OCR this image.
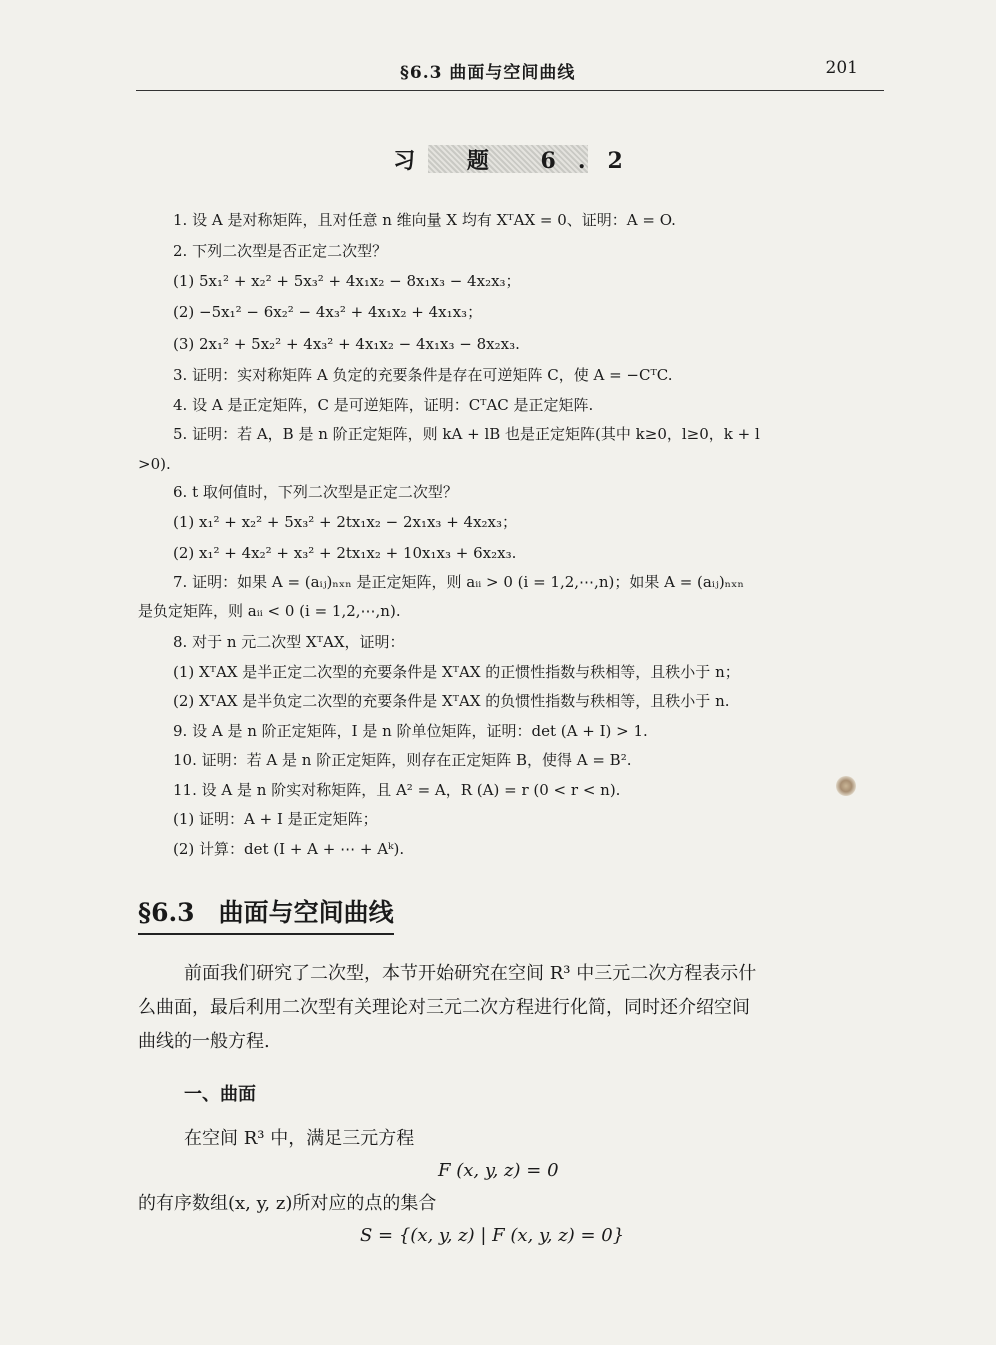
§6.3 曲面与空间曲线	201
习 题 6.2
1. 设 A 是对称矩阵，且对任意 n 维向量 X 均有 XᵀAX = 0、证明：A = O.
2. 下列二次型是否正定二次型？
(1) 5x₁² + x₂² + 5x₃² + 4x₁x₂ − 8x₁x₃ − 4x₂x₃；
(2) −5x₁² − 6x₂² − 4x₃² + 4x₁x₂ + 4x₁x₃；
(3) 2x₁² + 5x₂² + 4x₃² + 4x₁x₂ − 4x₁x₃ − 8x₂x₃.
3. 证明：实对称矩阵 A 负定的充要条件是存在可逆矩阵 C，使 A = −CᵀC.
4. 设 A 是正定矩阵，C 是可逆矩阵，证明：CᵀAC 是正定矩阵.
5. 证明：若 A，B 是 n 阶正定矩阵，则 kA + lB 也是正定矩阵(其中 k≥0，l≥0，k + l
>0).
6. t 取何值时，下列二次型是正定二次型？
(1) x₁² + x₂² + 5x₃² + 2tx₁x₂ − 2x₁x₃ + 4x₂x₃；
(2) x₁² + 4x₂² + x₃² + 2tx₁x₂ + 10x₁x₃ + 6x₂x₃.
7. 证明：如果 A = (aᵢⱼ)ₙₓₙ 是正定矩阵，则 aᵢᵢ > 0 (i = 1,2,⋯,n)；如果 A = (aᵢⱼ)ₙₓₙ
是负定矩阵，则 aᵢᵢ < 0 (i = 1,2,⋯,n).
8. 对于 n 元二次型 XᵀAX，证明：
(1) XᵀAX 是半正定二次型的充要条件是 XᵀAX 的正惯性指数与秩相等，且秩小于 n；
(2) XᵀAX 是半负定二次型的充要条件是 XᵀAX 的负惯性指数与秩相等，且秩小于 n.
9. 设 A 是 n 阶正定矩阵，I 是 n 阶单位矩阵，证明：det (A + I) > 1.
10. 证明：若 A 是 n 阶正定矩阵，则存在正定矩阵 B，使得 A = B².
11. 设 A 是 n 阶实对称矩阵，且 A² = A，R (A) = r (0 < r < n).
(1) 证明：A + I 是正定矩阵；
(2) 计算：det (I + A + ⋯ + Aᵏ).
§6.3 曲面与空间曲线
前面我们研究了二次型，本节开始研究在空间 R³ 中三元二次方程表示什
么曲面，最后利用二次型有关理论对三元二次方程进行化简，同时还介绍空间
曲线的一般方程.
一、曲面
在空间 R³ 中，满足三元方程
F (x, y, z) = 0
的有序数组(x, y, z)所对应的点的集合
S = {(x, y, z) | F (x, y, z) = 0}
